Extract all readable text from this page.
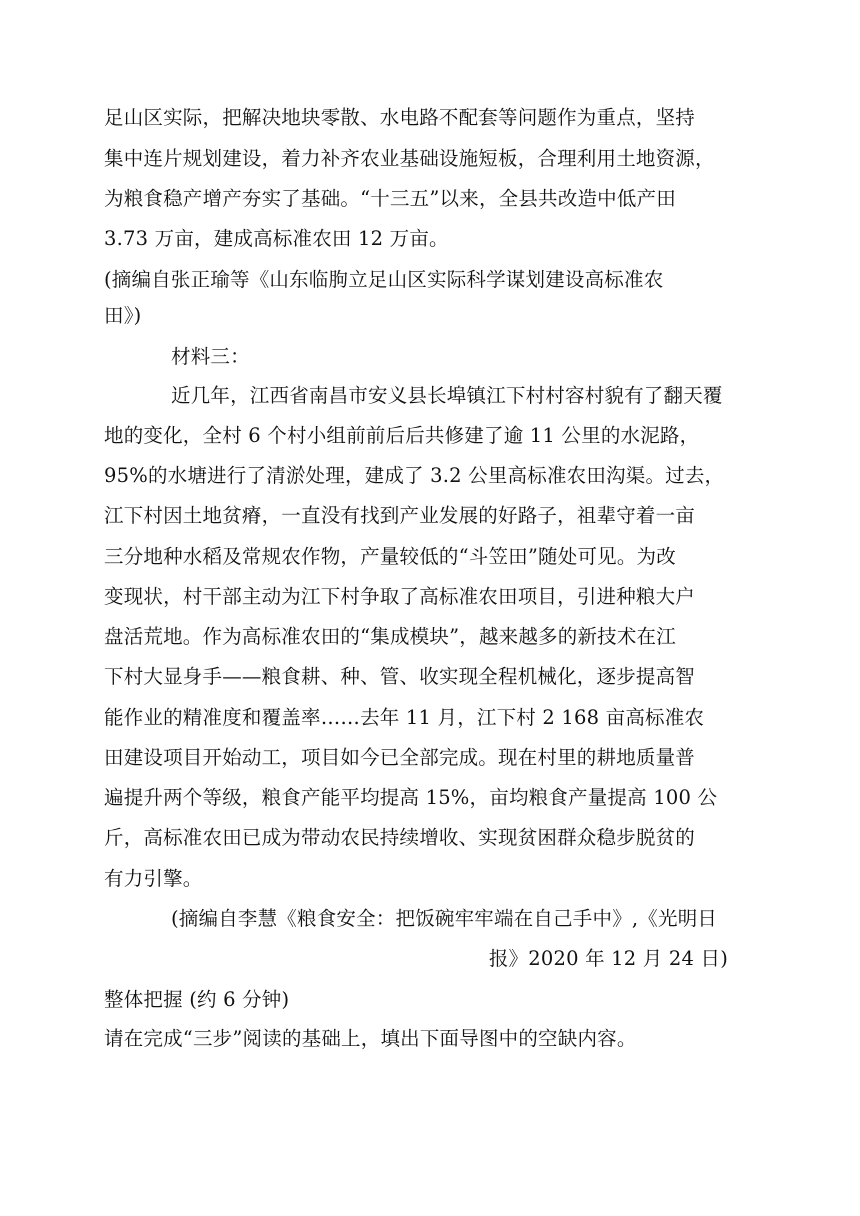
足山区实际，把解决地块零散、水电路不配套等问题作为重点，坚持
集中连片规划建设，着力补齐农业基础设施短板，合理利用土地资源，
为粮食稳产增产夯实了基础。“十三五”以来，全县共改造中低产田
3.73 万亩，建成高标准农田 12 万亩。
(摘编自张正瑜等《山东临朐立足山区实际科学谋划建设高标准农
田》)
材料三：
近几年，江西省南昌市安义县长埠镇江下村村容村貌有了翻天覆
地的变化，全村 6 个村小组前前后后共修建了逾 11 公里的水泥路，
95%的水塘进行了清淤处理，建成了 3.2 公里高标准农田沟渠。过去，
江下村因土地贫瘠，一直没有找到产业发展的好路子，祖辈守着一亩
三分地种水稻及常规农作物，产量较低的“斗笠田”随处可见。为改
变现状，村干部主动为江下村争取了高标准农田项目，引进种粮大户
盘活荒地。作为高标准农田的“集成模块”，越来越多的新技术在江
下村大显身手——粮食耕、种、管、收实现全程机械化，逐步提高智
能作业的精准度和覆盖率……去年 11 月，江下村 2 168 亩高标准农
田建设项目开始动工，项目如今已全部完成。现在村里的耕地质量普
遍提升两个等级，粮食产能平均提高 15%，亩均粮食产量提高 100 公
斤，高标准农田已成为带动农民持续增收、实现贫困群众稳步脱贫的
有力引擎。
(摘编自李慧《粮食安全：把饭碗牢牢端在自己手中》,《光明日
报》2020 年 12 月 24 日)
整体把握 (约 6 分钟)
请在完成“三步”阅读的基础上，填出下面导图中的空缺内容。
